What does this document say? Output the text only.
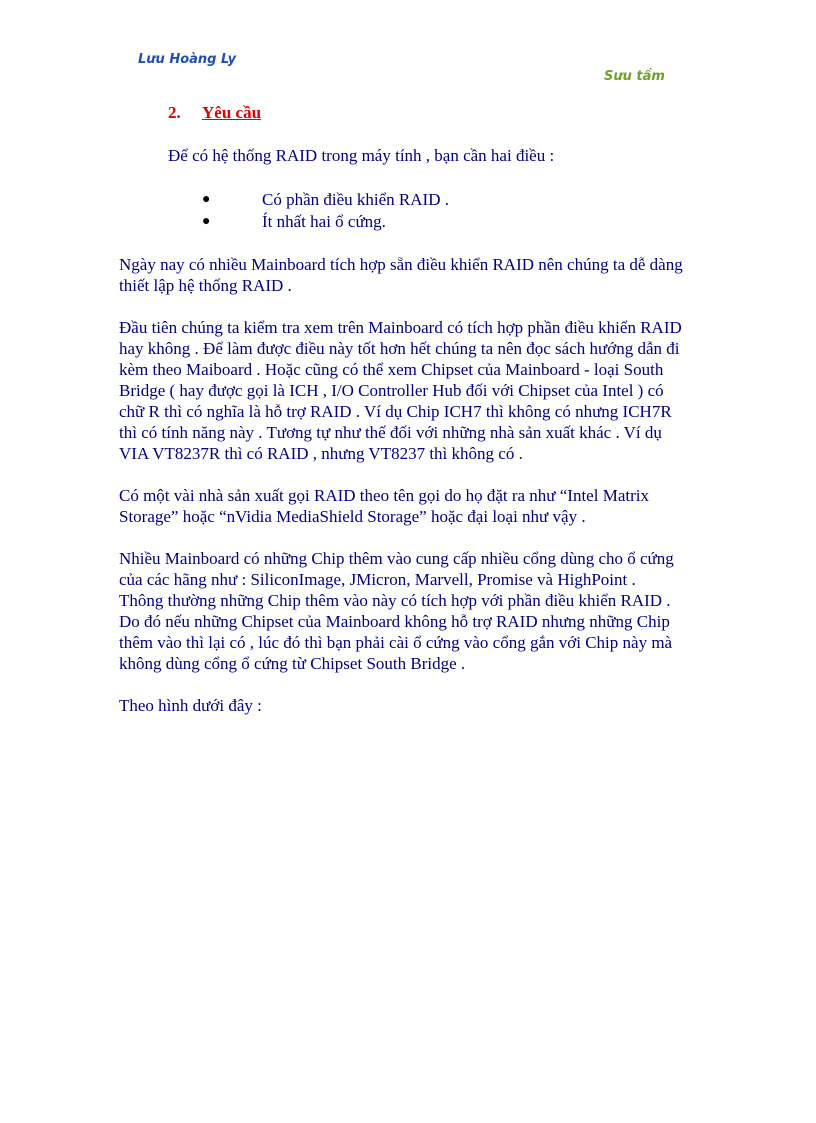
Lưu Hoàng Ly
Sưu tầm
2. Yêu cầu
Để có hệ thống RAID trong máy tính , bạn cần hai điều :
●	Có phần điều khiển RAID .
●	Ít nhất hai ổ cứng.

Ngày nay có nhiều Mainboard tích hợp sẵn điều khiển RAID nên chúng ta dễ dàng
thiết lập hệ thống RAID .

Đầu tiên chúng ta kiểm tra xem trên Mainboard có tích hợp phần điều khiển RAID
hay không . Để làm được điều này tốt hơn hết chúng ta nên đọc sách hướng dẫn đi
kèm theo Maiboard . Hoặc cũng có thể xem Chipset của Mainboard - loại South
Bridge ( hay được gọi là ICH , I/O Controller Hub đối với Chipset của Intel ) có
chữ R thì có nghĩa là hỗ trợ RAID . Ví dụ Chip ICH7 thì không có nhưng ICH7R
thì có tính năng này . Tương tự như thế đối với những nhà sản xuất khác . Ví dụ
VIA VT8237R thì có RAID , nhưng VT8237 thì không có .

Có một vài nhà sản xuất gọi RAID theo tên gọi do họ đặt ra như “Intel Matrix
Storage” hoặc “nVidia MediaShield Storage” hoặc đại loại như vậy .

Nhiều Mainboard có những Chip thêm vào cung cấp nhiều cổng dùng cho ổ cứng
của các hãng như : SiliconImage, JMicron, Marvell, Promise và HighPoint .
Thông thường những Chip thêm vào này có tích hợp với phần điều khiển RAID .
Do đó nếu những Chipset của Mainboard không hỗ trợ RAID nhưng những Chip
thêm vào thì lại có , lúc đó thì bạn phải cài ổ cứng vào cổng gắn với Chip này mà
không dùng cổng ổ cứng từ Chipset South Bridge .

Theo hình dưới đây :
